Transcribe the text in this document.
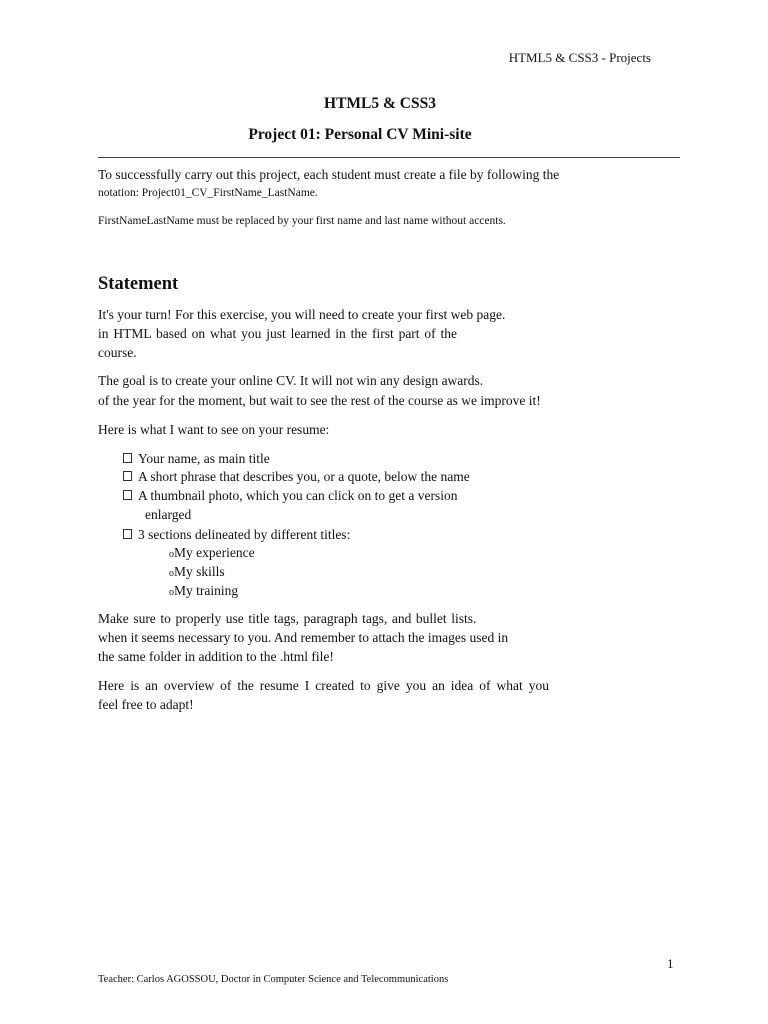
HTML5 & CSS3 - Projects
HTML5 & CSS3
Project 01: Personal CV Mini-site
To successfully carry out this project, each student must create a file by following the
notation: Project01_CV_FirstName_LastName.
FirstNameLastName must be replaced by your first name and last name without accents.
Statement
It's your turn! For this exercise, you will need to create your first web page.
in HTML based on what you just learned in the first part of the
course.
The goal is to create your online CV. It will not win any design awards.
of the year for the moment, but wait to see the rest of the course as we improve it!
Here is what I want to see on your resume:
Your name, as main title
A short phrase that describes you, or a quote, below the name
A thumbnail photo, which you can click on to get a version
enlarged
3 sections delineated by different titles:
oMy experience
oMy skills
oMy training
Make sure to properly use title tags, paragraph tags, and bullet lists.
when it seems necessary to you. And remember to attach the images used in
the same folder in addition to the .html file!
Here is an overview of the resume I created to give you an idea of what you
feel free to adapt!
1
Teacher: Carlos AGOSSOU, Doctor in Computer Science and Telecommunications
